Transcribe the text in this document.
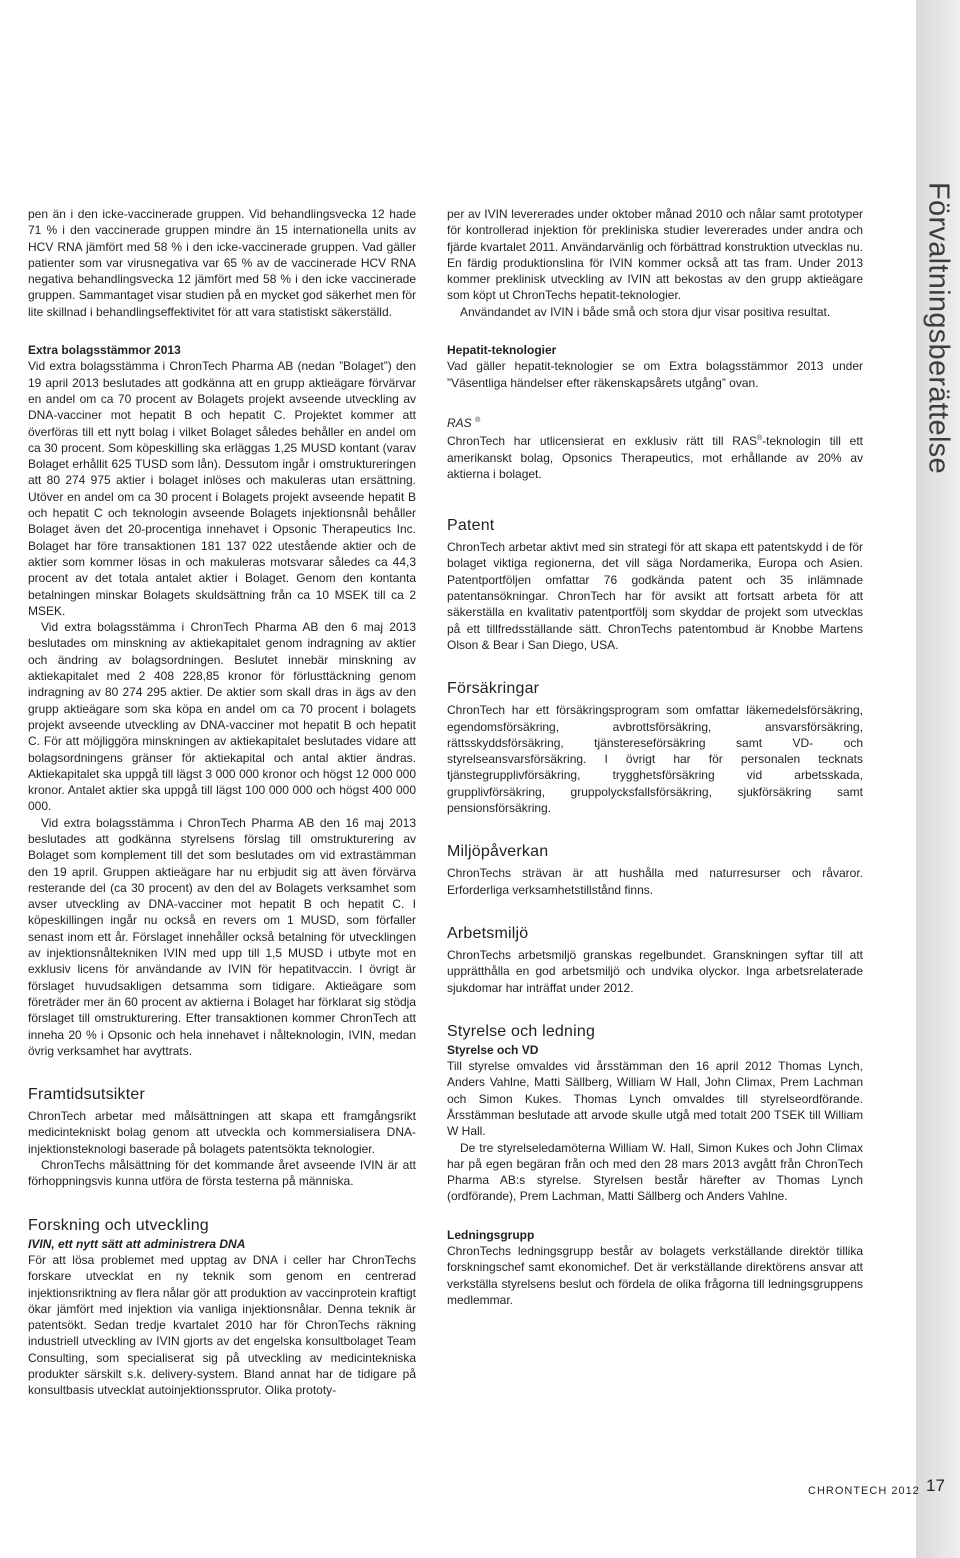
Förvaltningsberättelse

pen än i den icke-vaccinerade gruppen. Vid behandlingsvecka 12 hade 71 % i den vaccinerade gruppen mindre än 15 internationella units av HCV RNA jämfört med 58 % i den icke-vaccinerade gruppen. Vad gäller patienter som var virusnegativa var 65 % av de vaccinerade HCV RNA negativa behandlingsvecka 12 jämfört med 58 % i den icke vaccinerade gruppen. Sammantaget visar studien på en mycket god säkerhet men för lite skillnad i behandlingseffektivitet för att vara statistiskt säkerställd.

Extra bolagsstämmor 2013

Vid extra bolagsstämma i ChronTech Pharma AB (nedan ”Bolaget”) den 19 april 2013 beslutades att godkänna att en grupp aktieägare förvärvar en andel om ca 70 procent av Bolagets projekt avseende utveckling av DNA-vacciner mot hepatit B och hepatit C. Projektet kommer att överföras till ett nytt bolag i vilket Bolaget således behåller en andel om ca 30 procent. Som köpeskilling ska erläggas 1,25 MUSD kontant (varav Bolaget erhållit 625 TUSD som lån). Dessutom ingår i omstruktureringen att 80 274 975 aktier i bolaget inlöses och makuleras utan ersättning. Utöver en andel om ca 30 procent i Bolagets projekt avseende hepatit B och hepatit C och teknologin avseende Bolagets injektionsnål behåller Bolaget även det 20-procentiga innehavet i Opsonic Therapeutics Inc. Bolaget har före transaktionen 181 137 022 utestående aktier och de aktier som kommer lösas in och makuleras motsvarar således ca 44,3 procent av det totala antalet aktier i Bolaget. Genom den kontanta betalningen minskar Bolagets skuldsättning från ca 10 MSEK till ca 2 MSEK.

Vid extra bolagsstämma i ChronTech Pharma AB den 6 maj 2013 beslutades om minskning av aktiekapitalet genom indragning av aktier och ändring av bolagsordningen. Beslutet innebär minskning av aktiekapitalet med 2 408 228,85 kronor för förlusttäckning genom indragning av 80 274 295 aktier. De aktier som skall dras in ägs av den grupp aktieägare som ska köpa en andel om ca 70 procent i bolagets projekt avseende utveckling av DNA-vacciner mot hepatit B och hepatit C. För att möjliggöra minskningen av aktiekapitalet beslutades vidare att bolagsordningens gränser för aktiekapital och antal aktier ändras. Aktiekapitalet ska uppgå till lägst 3 000 000 kronor och högst 12 000 000 kronor. Antalet aktier ska uppgå till lägst 100 000 000 och högst 400 000 000.

Vid extra bolagsstämma i ChronTech Pharma AB den 16 maj 2013 beslutades att godkänna styrelsens förslag till omstrukturering av Bolaget som komplement till det som beslutades om vid extrastämman den 19 april. Gruppen aktieägare har nu erbjudit sig att även förvärva resterande del (ca 30 procent) av den del av Bolagets verksamhet som avser utveckling av DNA-vacciner mot hepatit B och hepatit C. I köpeskillingen ingår nu också en revers om 1 MUSD, som förfaller senast inom ett år. Förslaget innehåller också betalning för utvecklingen av injektionsnåltekniken IVIN med upp till 1,5 MUSD i utbyte mot en exklusiv licens för användande av IVIN för hepatitvaccin. I övrigt är förslaget huvudsakligen detsamma som tidigare. Aktieägare som företräder mer än 60 procent av aktierna i Bolaget har förklarat sig stödja förslaget till omstrukturering. Efter transaktionen kommer ChronTech att inneha 20 % i Opsonic och hela innehavet i nålteknologin, IVIN, medan övrig verksamhet har avyttrats.

Framtidsutsikter

ChronTech arbetar med målsättningen att skapa ett framgångsrikt medicintekniskt bolag genom att utveckla och kommersialisera DNA-injektionsteknologi baserade på bolagets patentsökta teknologier.

ChronTechs målsättning för det kommande året avseende IVIN är att förhoppningsvis kunna utföra de första testerna på människa.

Forskning och utveckling

IVIN, ett nytt sätt att administrera DNA

För att lösa problemet med upptag av DNA i celler har ChronTechs forskare utvecklat en ny teknik som genom en centrerad injektionsriktning av flera nålar gör att produktion av vaccinprotein kraftigt ökar jämfört med injektion via vanliga injektionsnålar. Denna teknik är patentsökt. Sedan tredje kvartalet 2010 har för ChronTechs räkning industriell utveckling av IVIN gjorts av det engelska konsultbolaget Team Consulting, som specialiserat sig på utveckling av medicintekniska produkter särskilt s.k. delivery-system. Bland annat har de tidigare på konsultbasis utvecklat autoinjektionssprutor. Olika prototy-

per av IVIN levererades under oktober månad 2010 och nålar samt prototyper för kontrollerad injektion för prekliniska studier levererades under andra och fjärde kvartalet 2011. Användarvänlig och förbättrad konstruktion utvecklas nu. En färdig produktionslina för IVIN kommer också att tas fram. Under 2013 kommer preklinisk utveckling av IVIN att bekostas av den grupp aktieägare som köpt ut ChronTechs hepatit-teknologier.

Användandet av IVIN i både små och stora djur visar positiva resultat.

Hepatit-teknologier

Vad gäller hepatit-teknologier se om Extra bolagsstämmor 2013 under ”Väsentliga händelser efter räkenskapsårets utgång” ovan.

RAS ®

ChronTech har utlicensierat en exklusiv rätt till RAS®-teknologin till ett amerikanskt bolag, Opsonics Therapeutics, mot erhållande av 20% av aktierna i bolaget.

Patent

ChronTech arbetar aktivt med sin strategi för att skapa ett patentskydd i de för bolaget viktiga regionerna, det vill säga Nordamerika, Europa och Asien. Patentportföljen omfattar 76 godkända patent och 35 inlämnade patentansökningar. ChronTech har för avsikt att fortsatt arbeta för att säkerställa en kvalitativ patentportfölj som skyddar de projekt som utvecklas på ett tillfredsställande sätt. ChronTechs patentombud är Knobbe Martens Olson & Bear i San Diego, USA.

Försäkringar

ChronTech har ett försäkringsprogram som omfattar läkemedelsförsäkring, egendomsförsäkring, avbrottsförsäkring, ansvarsförsäkring, rättsskyddsförsäkring, tjänstereseförsäkring samt VD- och styrelseansvarsförsäkring. I övrigt har för personalen tecknats tjänstegrupplivförsäkring, trygghetsförsäkring vid arbetsskada, grupplivförsäkring, gruppolycksfallsförsäkring, sjukförsäkring samt pensionsförsäkring.

Miljöpåverkan

ChronTechs strävan är att hushålla med naturresurser och råvaror. Erforderliga verksamhetstillstånd finns.

Arbetsmiljö

ChronTechs arbetsmiljö granskas regelbundet. Granskningen syftar till att upprätthålla en god arbetsmiljö och undvika olyckor. Inga arbetsrelaterade sjukdomar har inträffat under 2012.

Styrelse och ledning

Styrelse och VD

Till styrelse omvaldes vid årsstämman den 16 april 2012 Thomas Lynch, Anders Vahlne, Matti Sällberg, William W Hall, John Climax, Prem Lachman och Simon Kukes. Thomas Lynch omvaldes till styrelseordförande. Årsstämman beslutade att arvode skulle utgå med totalt 200 TSEK till William W Hall.

De tre styrelseledamöterna William W. Hall, Simon Kukes och John Climax har på egen begäran från och med den 28 mars 2013 avgått från ChronTech Pharma AB:s styrelse. Styrelsen består härefter av Thomas Lynch (ordförande), Prem Lachman, Matti Sällberg och Anders Vahlne.

Ledningsgrupp

ChronTechs ledningsgrupp består av bolagets verkställande direktör tillika forskningschef samt ekonomichef. Det är verkställande direktörens ansvar att verkställa styrelsens beslut och fördela de olika frågorna till ledningsgruppens medlemmar.

CHRONTECH 2012 17
